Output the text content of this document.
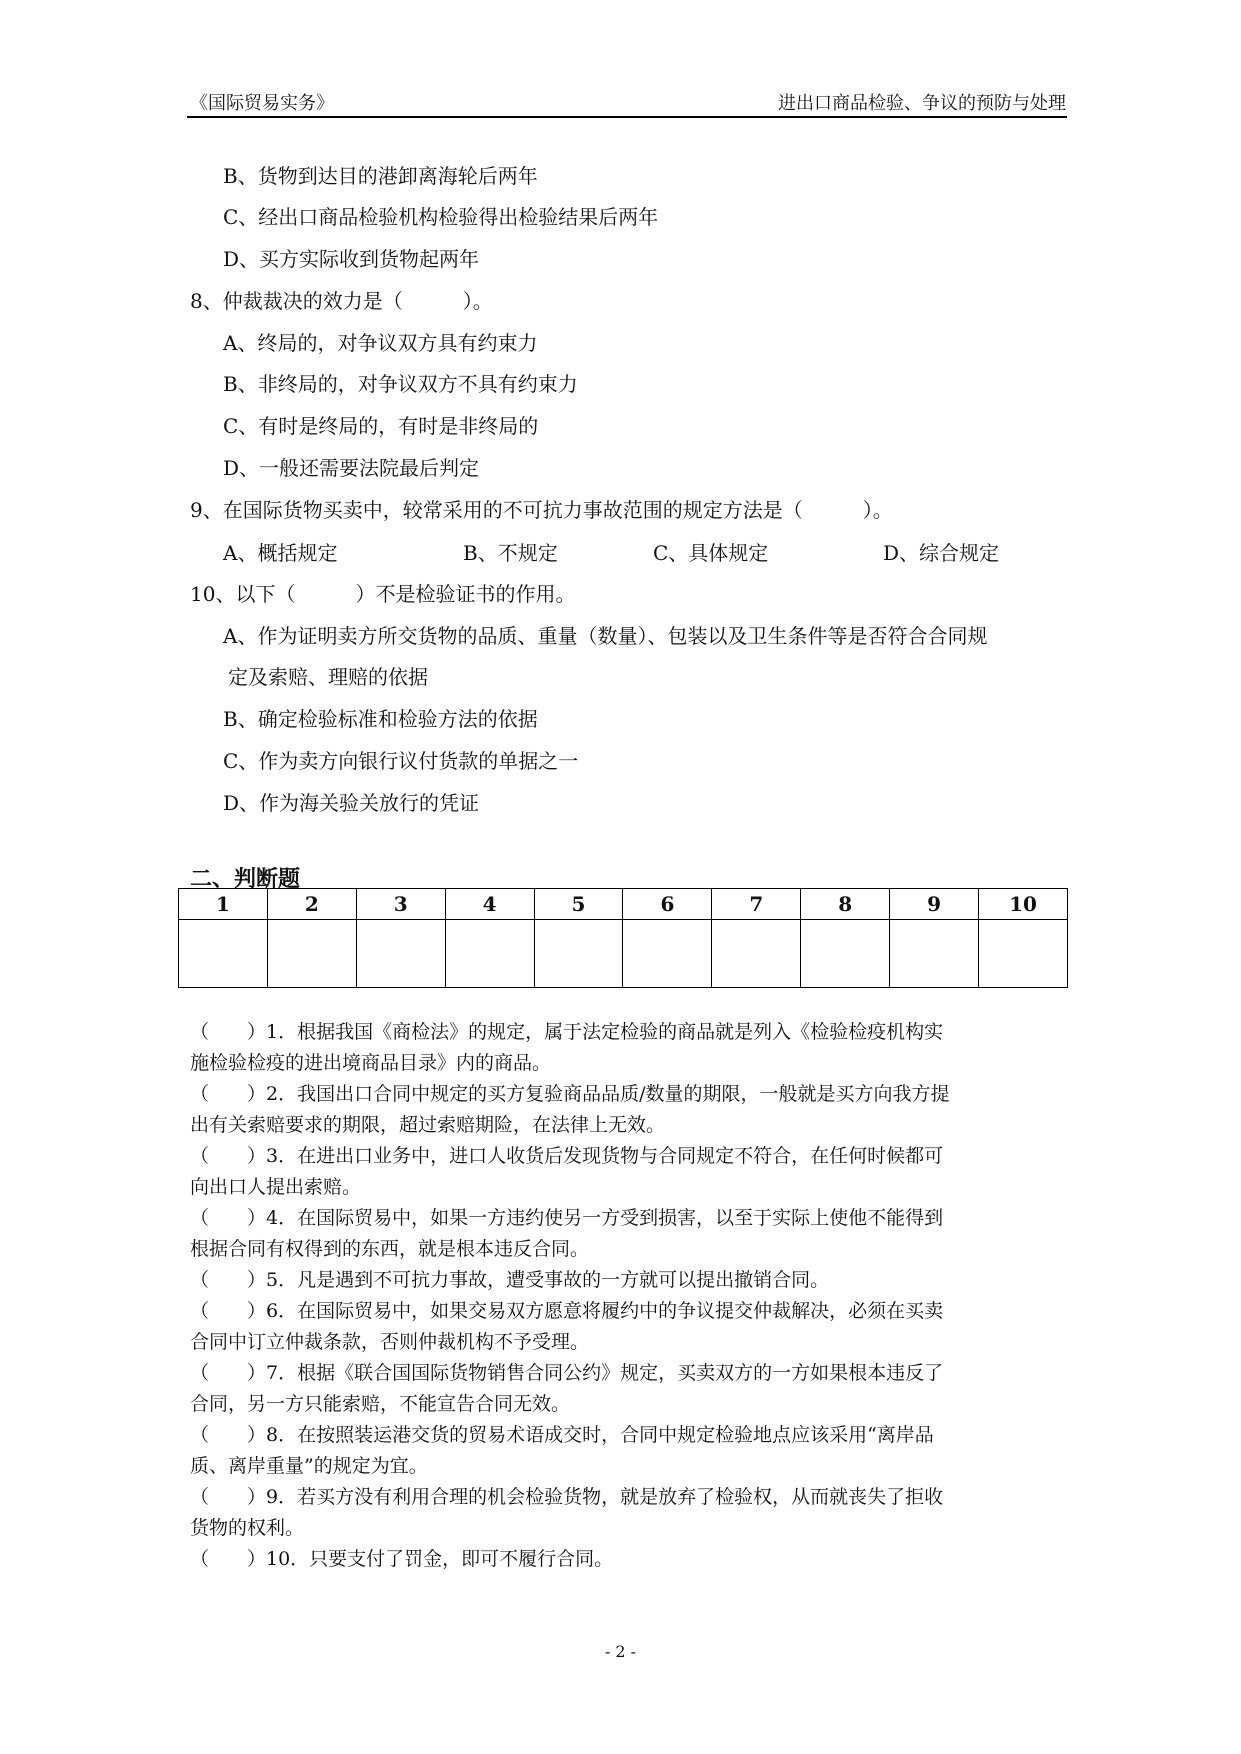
《国际贸易实务》	进出口商品检验、争议的预防与处理
B、货物到达目的港卸离海轮后两年
C、经出口商品检验机构检验得出检验结果后两年
D、买方实际收到货物起两年
8、仲裁裁决的效力是（　　　）。
A、终局的，对争议双方具有约束力
B、非终局的，对争议双方不具有约束力
C、有时是终局的，有时是非终局的
D、一般还需要法院最后判定
9、在国际货物买卖中，较常采用的不可抗力事故范围的规定方法是（　　　）。
A、概括规定	B、不规定	C、具体规定	D、综合规定
10、以下（　　　）不是检验证书的作用。
A、作为证明卖方所交货物的品质、重量（数量）、包装以及卫生条件等是否符合合同规
定及索赔、理赔的依据
B、确定检验标准和检验方法的依据
C、作为卖方向银行议付货款的单据之一
D、作为海关验关放行的凭证
二、判断题
1	2	3	4	5	6	7	8	9	10

（　　）1．根据我国《商检法》的规定，属于法定检验的商品就是列入《检验检疫机构实
施检验检疫的进出境商品目录》内的商品。
（　　）2．我国出口合同中规定的买方复验商品品质/数量的期限，一般就是买方向我方提
出有关索赔要求的期限，超过索赔期险，在法律上无效。
（　　）3．在进出口业务中，进口人收货后发现货物与合同规定不符合，在任何时候都可
向出口人提出索赔。
（　　）4．在国际贸易中，如果一方违约使另一方受到损害，以至于实际上使他不能得到
根据合同有权得到的东西，就是根本违反合同。
（　　）5．凡是遇到不可抗力事故，遭受事故的一方就可以提出撤销合同。
（　　）6．在国际贸易中，如果交易双方愿意将履约中的争议提交仲裁解决，必须在买卖
合同中订立仲裁条款，否则仲裁机构不予受理。
（　　）7．根据《联合国国际货物销售合同公约》规定，买卖双方的一方如果根本违反了
合同，另一方只能索赔，不能宣告合同无效。
（　　）8．在按照装运港交货的贸易术语成交时，合同中规定检验地点应该采用“离岸品
质、离岸重量”的规定为宜。
（　　）9．若买方没有利用合理的机会检验货物，就是放弃了检验权，从而就丧失了拒收
货物的权利。
（　　）10．只要支付了罚金，即可不履行合同。
- 2 -
